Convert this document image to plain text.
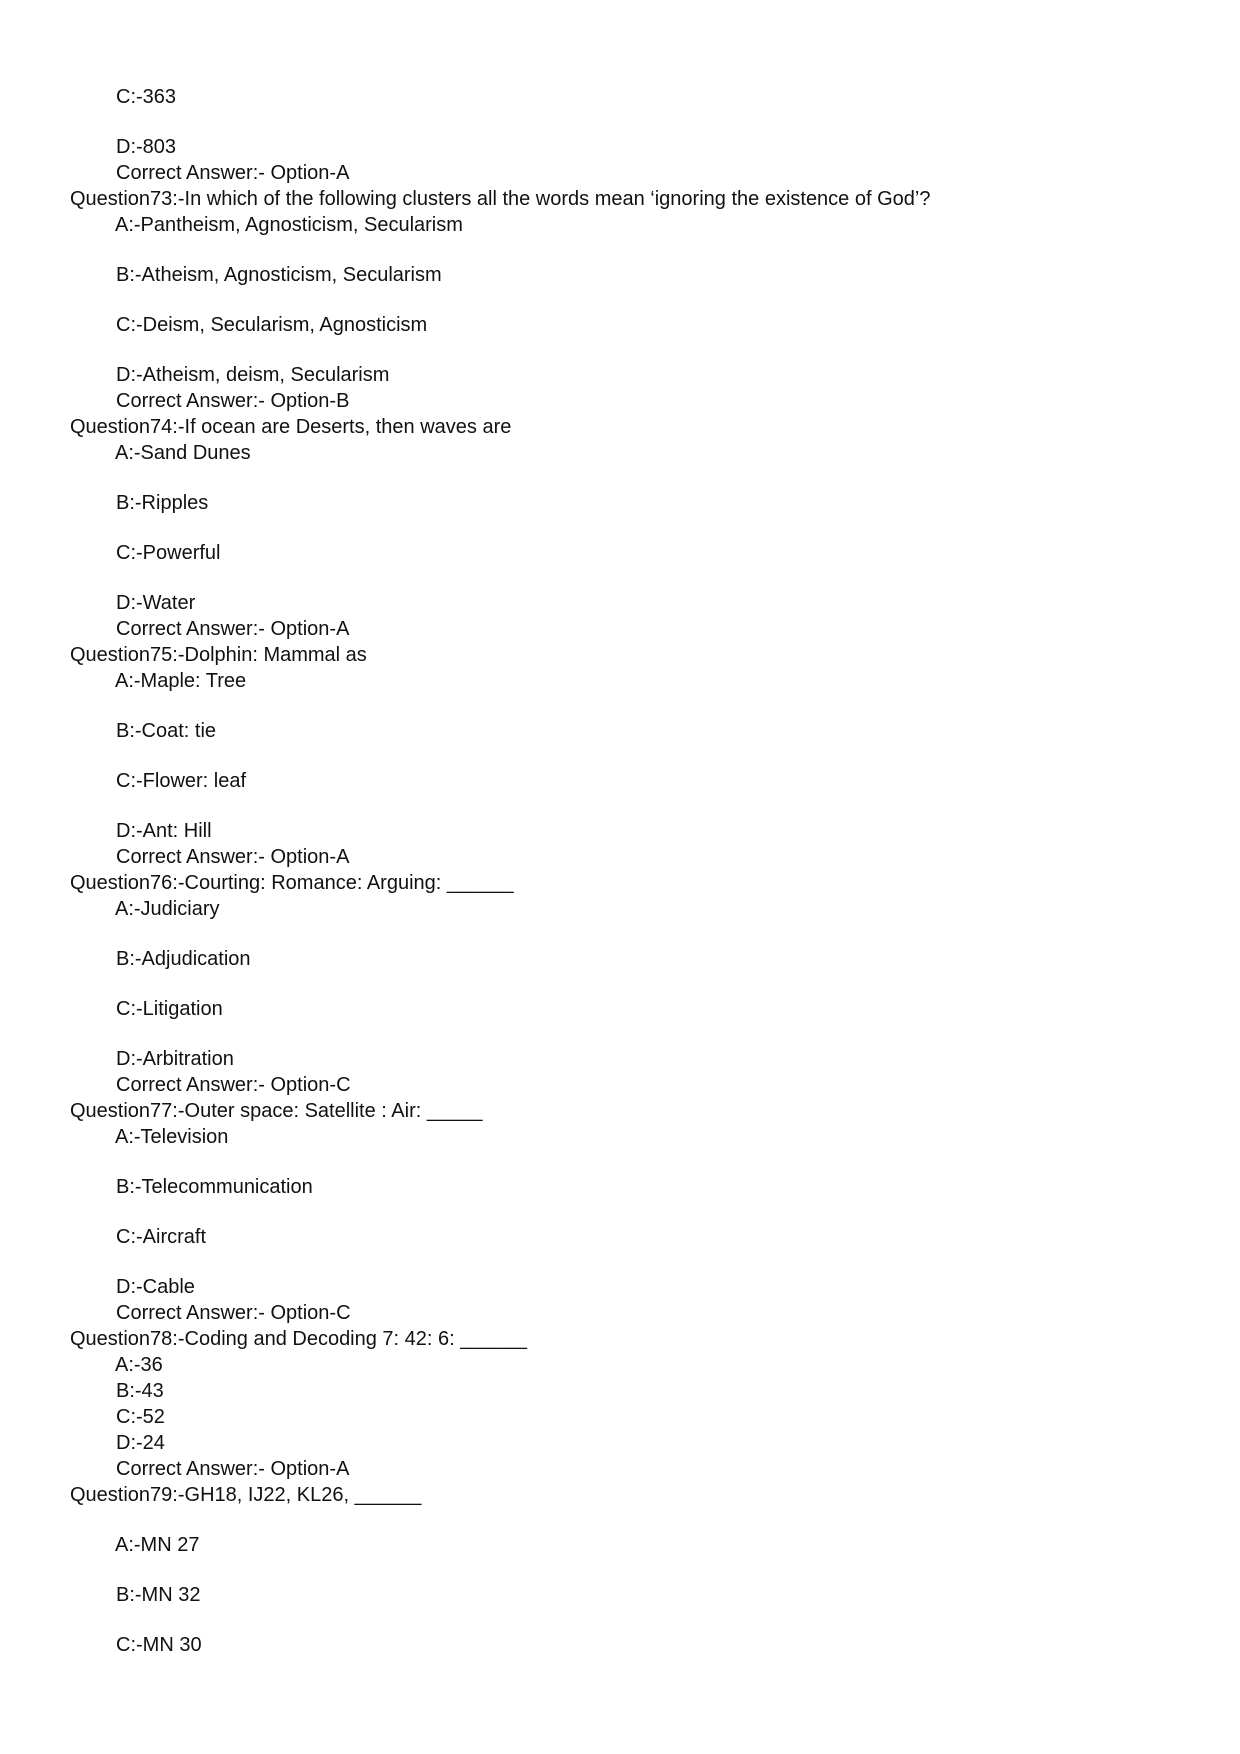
C:-363
D:-803
Correct Answer:- Option-A
Question73:-In which of the following clusters all the words mean ‘ignoring the existence of God’?
A:-Pantheism, Agnosticism, Secularism
B:-Atheism, Agnosticism, Secularism
C:-Deism, Secularism, Agnosticism
D:-Atheism, deism, Secularism
Correct Answer:- Option-B
Question74:-If ocean are Deserts, then waves are
A:-Sand Dunes
B:-Ripples
C:-Powerful
D:-Water
Correct Answer:- Option-A
Question75:-Dolphin: Mammal as
A:-Maple: Tree
B:-Coat: tie
C:-Flower: leaf
D:-Ant: Hill
Correct Answer:- Option-A
Question76:-Courting: Romance: Arguing: ______
A:-Judiciary
B:-Adjudication
C:-Litigation
D:-Arbitration
Correct Answer:- Option-C
Question77:-Outer space: Satellite : Air: _____
A:-Television
B:-Telecommunication
C:-Aircraft
D:-Cable
Correct Answer:- Option-C
Question78:-Coding and Decoding 7: 42: 6: ______
A:-36
B:-43
C:-52
D:-24
Correct Answer:- Option-A
Question79:-GH18, IJ22, KL26, ______
A:-MN 27
B:-MN 32
C:-MN 30
